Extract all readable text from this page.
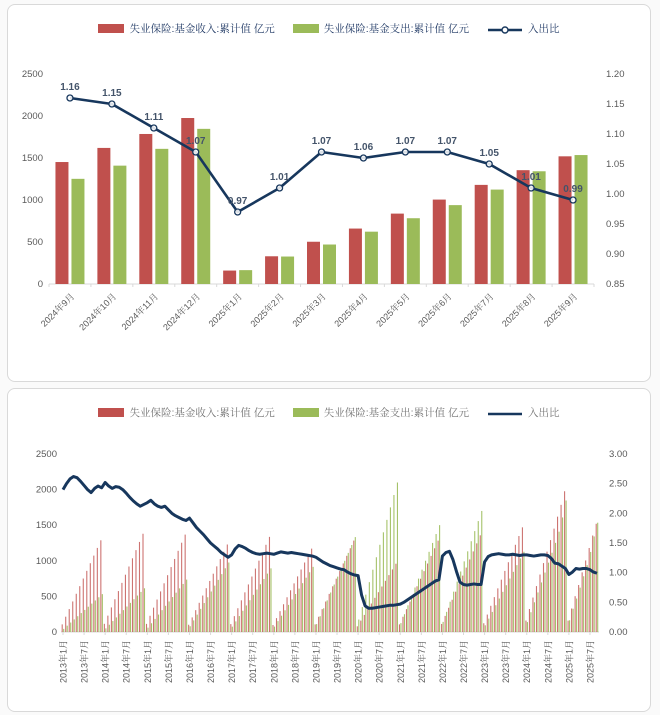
失业保险:基金收入:累计值 亿元	失业保险:基金支出:累计值 亿元	入出比
0
500
1000
1500
2000
2500
0.85
0.90
0.95
1.00
1.05
1.10
1.15
1.20
2024年9月 2024年10月 2024年11月 2024年12月 2025年1月 2025年2月 2025年3月 2025年4月 2025年5月 2025年6月 2025年7月 2025年8月 2025年9月
1.16
1.15
1.11
1.07
0.97
1.01
1.07
1.06
1.07 1.07
1.05
1.01
0.99
失业保险:基金收入:累计值 亿元	失业保险:基金支出:累计值 亿元	入出比
0
500
1000
1500
2000
2500
0.00
0.50
1.00
1.50
2.00
2.50
3.00
2013年1月 2013年7月 2014年1月 2014年7月 2015年1月 2015年7月 2016年1月 2016年7月 2017年1月 2017年7月 2018年1月 2018年7月 2019年1月 2019年7月 2020年1月 2020年7月 2021年1月 2021年7月 2022年1月 2022年7月 2023年1月 2023年7月 2024年1月 2024年7月 2025年1月 2025年7月
